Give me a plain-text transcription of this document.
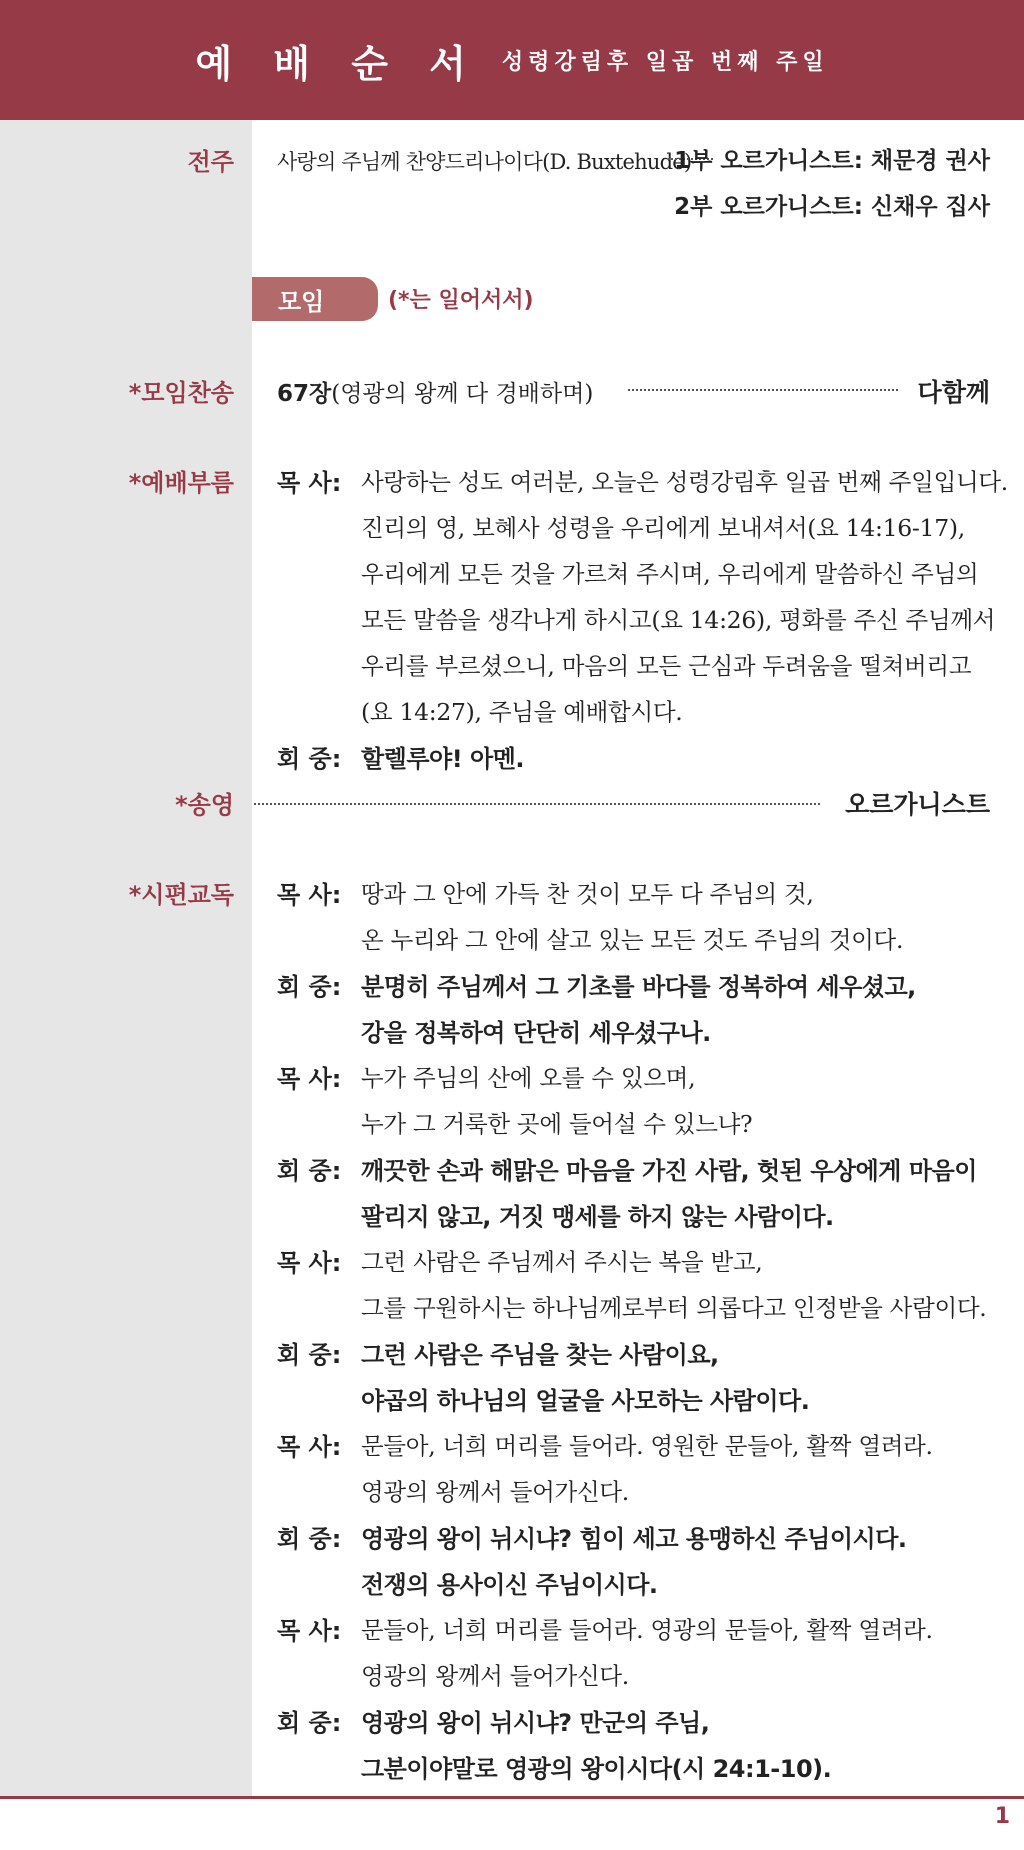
예 배 순 서 성령강림후 일곱 번째 주일
전주 사랑의 주님께 찬양드리나이다(D. Buxtehude)
1부 오르가니스트: 채문경 권사
2부 오르가니스트: 신채우 집사
모임	(*는 일어서서)
*모임찬송 67장(영광의 왕께 다 경배하며)	다함께
*예배부름 목 사: 사랑하는 성도 여러분, 오늘은 성령강림후 일곱 번째 주일입니다.
진리의 영, 보혜사 성령을 우리에게 보내셔서(요 14:16-17),
우리에게 모든 것을 가르쳐 주시며, 우리에게 말씀하신 주님의
모든 말씀을 생각나게 하시고(요 14:26), 평화를 주신 주님께서
우리를 부르셨으니, 마음의 모든 근심과 두려움을 떨쳐버리고
(요 14:27), 주님을 예배합시다.
회 중: 할렐루야! 아멘.
*송영	오르가니스트
*시편교독 목 사: 땅과 그 안에 가득 찬 것이 모두 다 주님의 것,
온 누리와 그 안에 살고 있는 모든 것도 주님의 것이다.
회 중: 분명히 주님께서 그 기초를 바다를 정복하여 세우셨고,
강을 정복하여 단단히 세우셨구나.
목 사: 누가 주님의 산에 오를 수 있으며,
누가 그 거룩한 곳에 들어설 수 있느냐?
회 중: 깨끗한 손과 해맑은 마음을 가진 사람, 헛된 우상에게 마음이
팔리지 않고, 거짓 맹세를 하지 않는 사람이다.
목 사: 그런 사람은 주님께서 주시는 복을 받고,
그를 구원하시는 하나님께로부터 의롭다고 인정받을 사람이다.
회 중: 그런 사람은 주님을 찾는 사람이요,
야곱의 하나님의 얼굴을 사모하는 사람이다.
목 사: 문들아, 너희 머리를 들어라. 영원한 문들아, 활짝 열려라.
영광의 왕께서 들어가신다.
회 중: 영광의 왕이 뉘시냐? 힘이 세고 용맹하신 주님이시다.
전쟁의 용사이신 주님이시다.
목 사: 문들아, 너희 머리를 들어라. 영광의 문들아, 활짝 열려라.
영광의 왕께서 들어가신다.
회 중: 영광의 왕이 뉘시냐? 만군의 주님,
그분이야말로 영광의 왕이시다(시 24:1-10).
1
